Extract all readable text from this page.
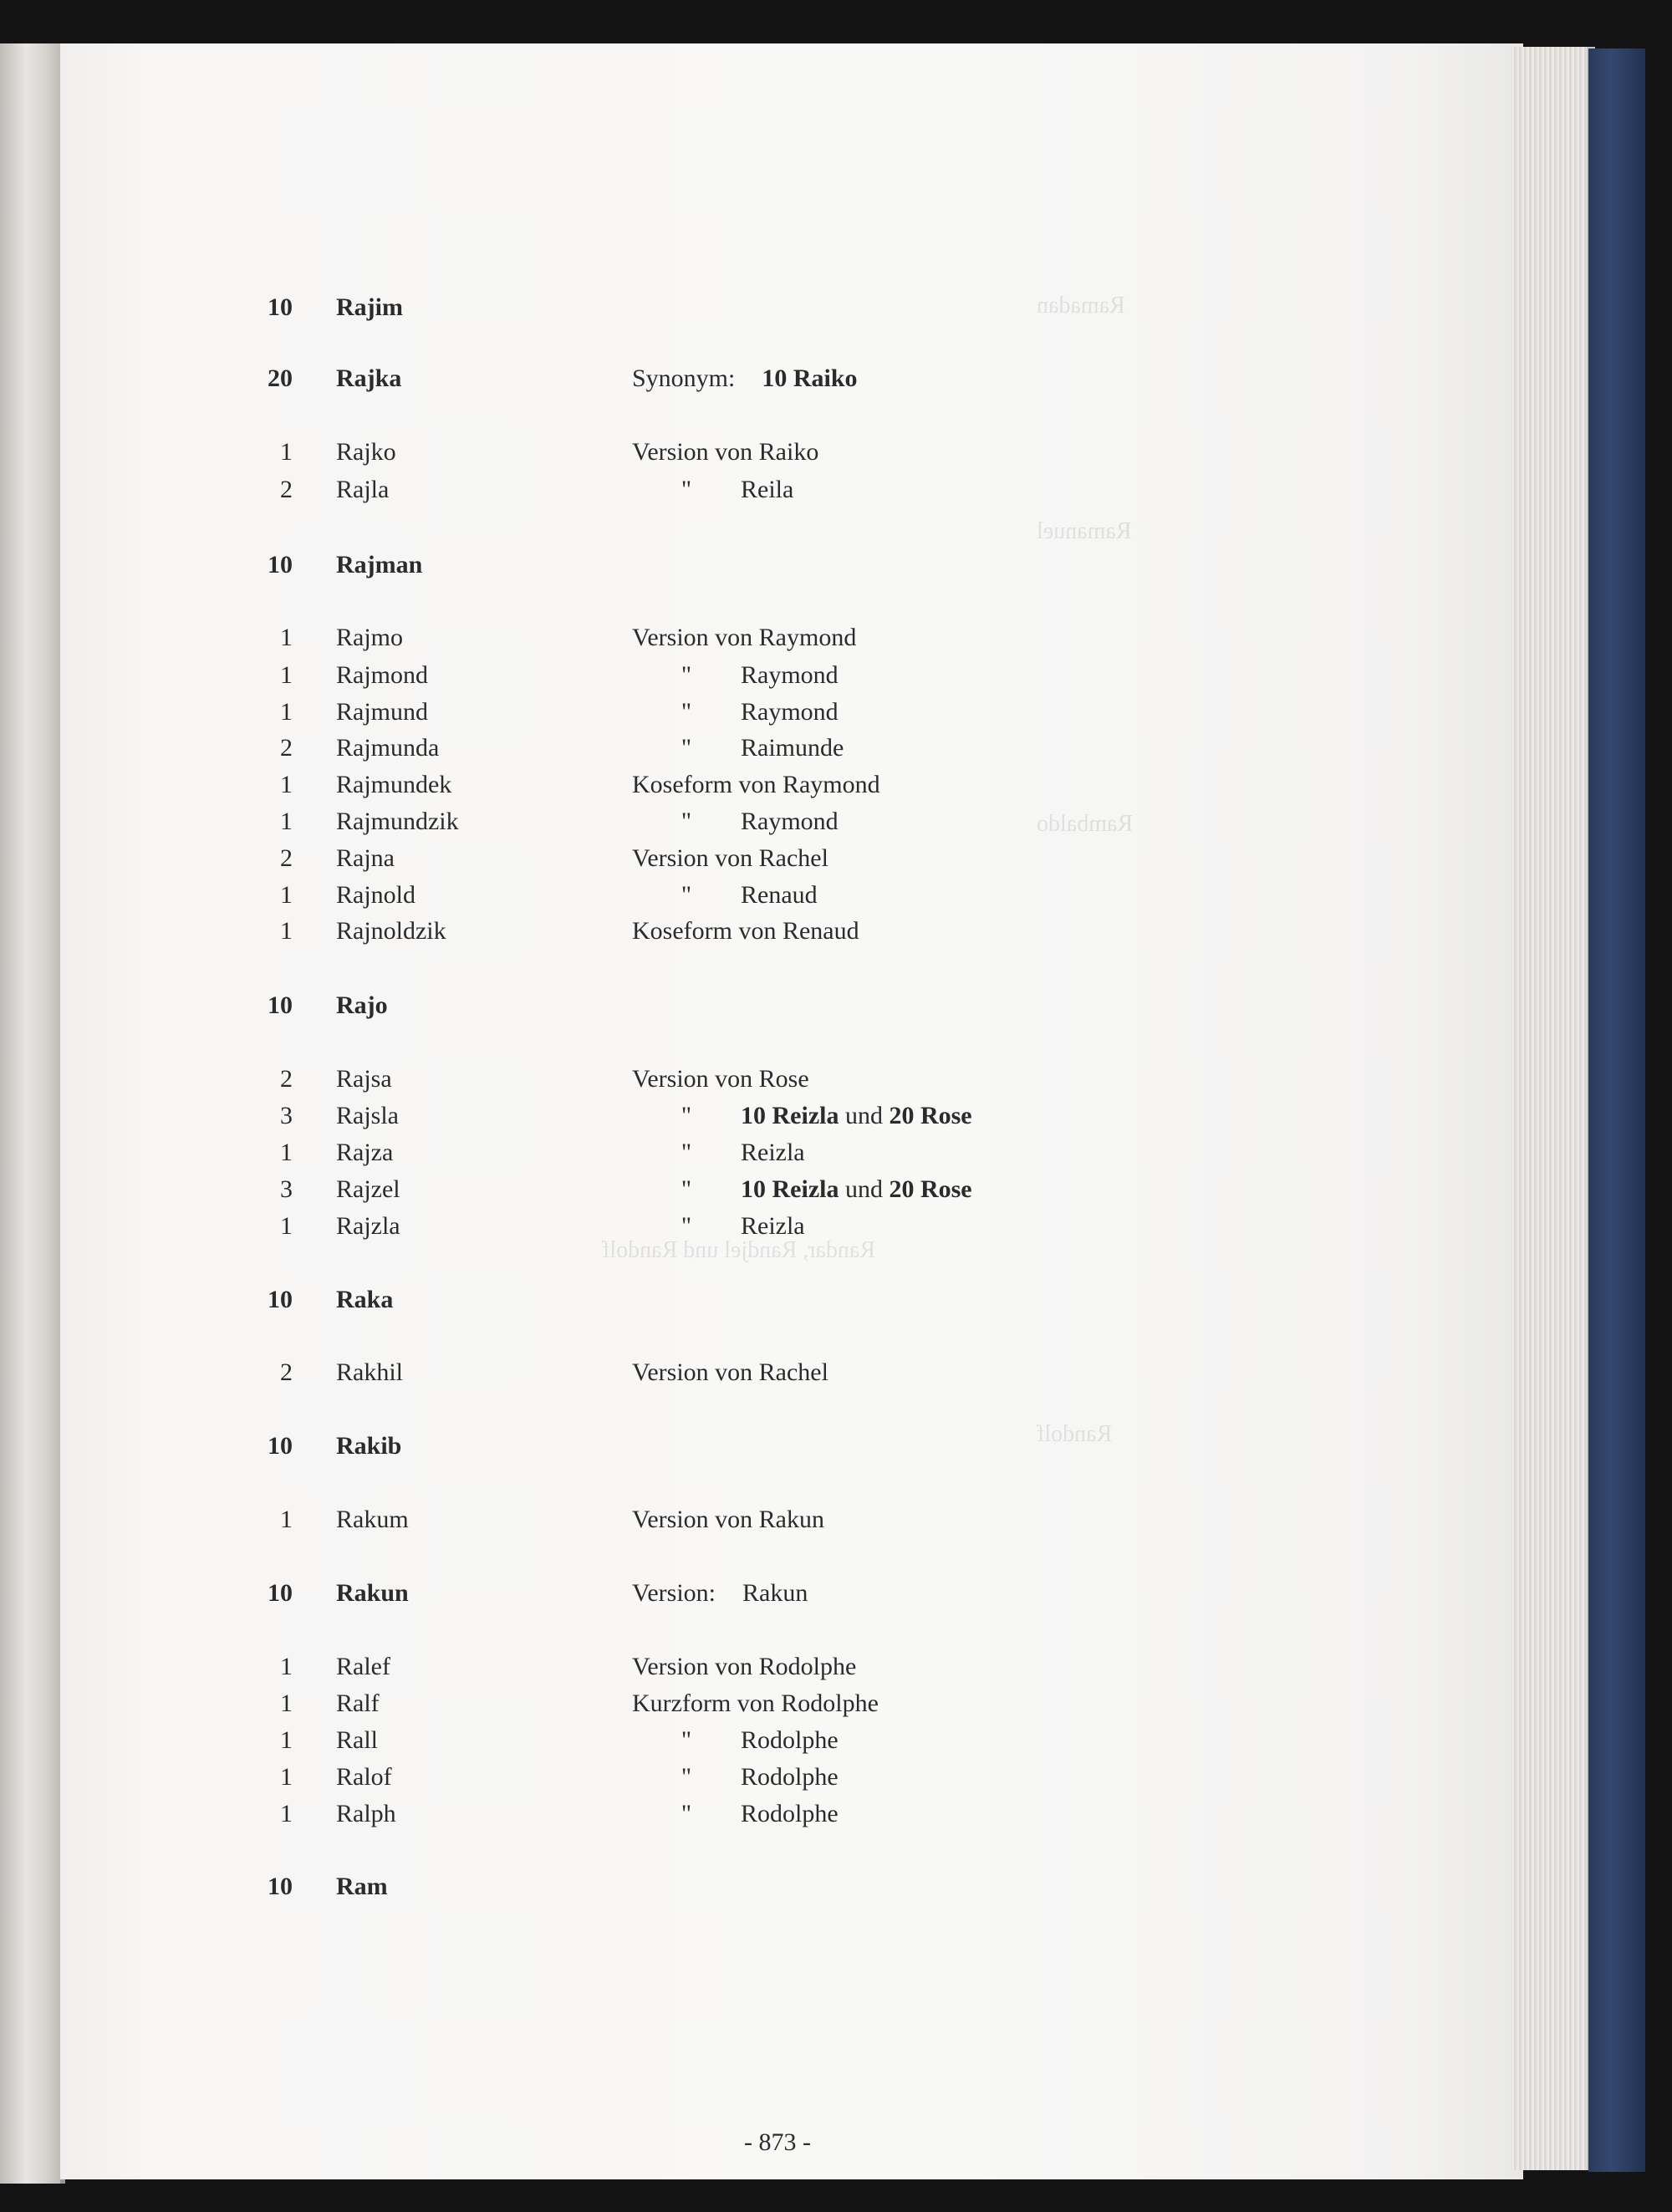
Ramadan
Ramanuel
Rambaldo
Randolf
Randar, Randjel und Randolf
10 Rajim
20 Rajka	Synonym: 10 Raiko
1 Rajko	Version von Raiko
2 Rajla	" Reila
10 Rajman
1 Rajmo	Version von Raymond
1 Rajmond	" Raymond
1 Rajmund	" Raymond
2 Rajmunda	" Raimunde
1 Rajmundek	Koseform von Raymond
1 Rajmundzik	" Raymond
2 Rajna	Version von Rachel
1 Rajnold	" Renaud
1 Rajnoldzik	Koseform von Renaud
10 Rajo
2 Rajsa	Version von Rose
3 Rajsla	" 10 Reizla und 20 Rose
1 Rajza	" Reizla
3 Rajzel	" 10 Reizla und 20 Rose
1 Rajzla	" Reizla
10 Raka
2 Rakhil	Version von Rachel
10 Rakib
1 Rakum	Version von Rakun
10 Rakun	Version: Rakun
1 Ralef	Version von Rodolphe
1 Ralf	Kurzform von Rodolphe
1 Rall	" Rodolphe
1 Ralof	" Rodolphe
1 Ralph	" Rodolphe
10 Ram
- 873 -
